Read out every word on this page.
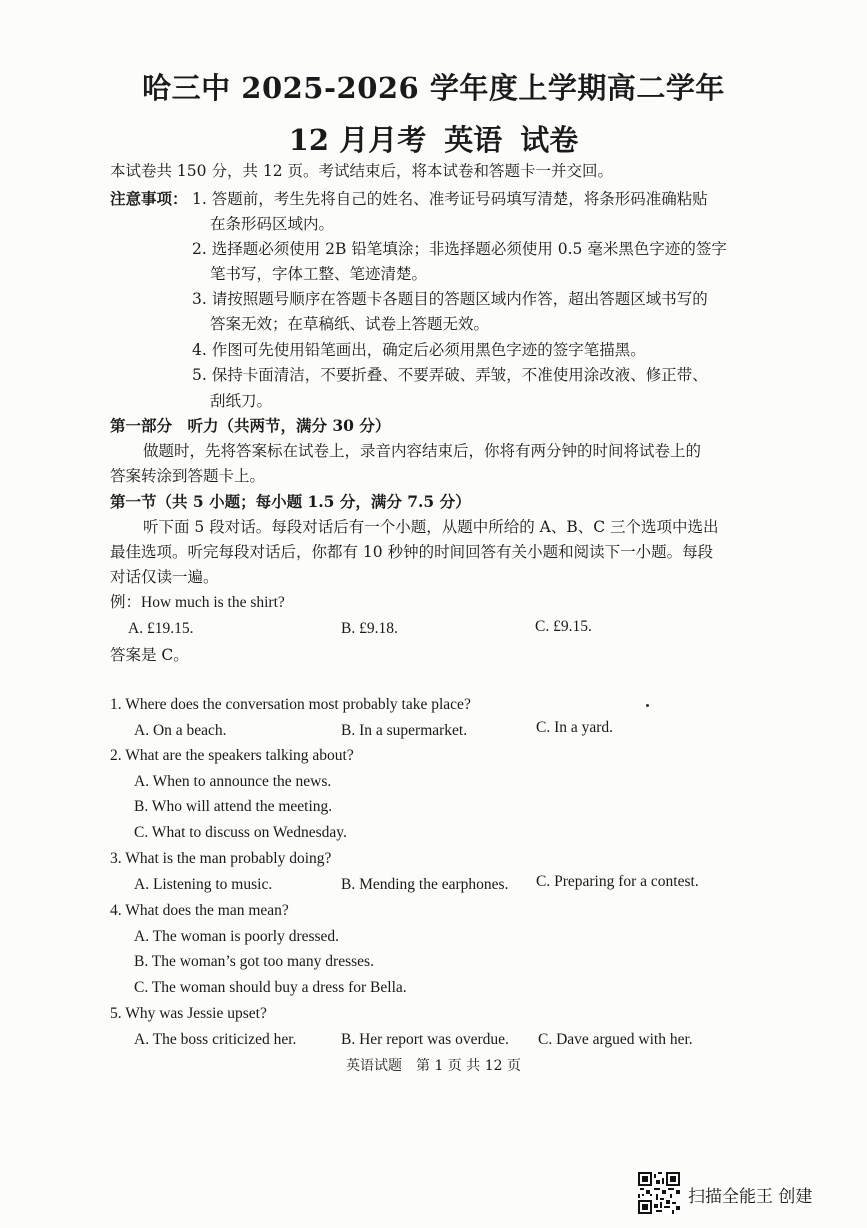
哈三中 2025-2026 学年度上学期高二学年
12 月月考 英语 试卷
本试卷共 150 分，共 12 页。考试结束后，将本试卷和答题卡一并交回。
注意事项： 1. 答题前，考生先将自己的姓名、准考证号码填写清楚，将条形码准确粘贴
在条形码区域内。
2. 选择题必须使用 2B 铅笔填涂；非选择题必须使用 0.5 毫米黑色字迹的签字
笔书写，字体工整、笔迹清楚。
3. 请按照题号顺序在答题卡各题目的答题区域内作答，超出答题区域书写的
答案无效；在草稿纸、试卷上答题无效。
4. 作图可先使用铅笔画出，确定后必须用黑色字迹的签字笔描黑。
5. 保持卡面清洁，不要折叠、不要弄破、弄皱，不准使用涂改液、修正带、
刮纸刀。
第一部分　听力（共两节，满分 30 分）
做题时，先将答案标在试卷上，录音内容结束后，你将有两分钟的时间将试卷上的
答案转涂到答题卡上。
第一节（共 5 小题；每小题 1.5 分，满分 7.5 分）
听下面 5 段对话。每段对话后有一个小题，从题中所给的 A、B、C 三个选项中选出
最佳选项。听完每段对话后，你都有 10 秒钟的时间回答有关小题和阅读下一小题。每段
对话仅读一遍。
例：How much is the shirt?
A. £19.15.	B. £9.18.	C. £9.15.
答案是 C。
1. Where does the conversation most probably take place?
A. On a beach.	B. In a supermarket.	C. In a yard.
2. What are the speakers talking about?
A. When to announce the news.
B. Who will attend the meeting.
C. What to discuss on Wednesday.
3. What is the man probably doing?
A. Listening to music.	B. Mending the earphones. C. Preparing for a contest.
4. What does the man mean?
A. The woman is poorly dressed.
B. The woman’s got too many dresses.
C. The woman should buy a dress for Bella.
5. Why was Jessie upset?
A. The boss criticized her.	B. Her report was overdue. C. Dave argued with her.
英语试题　第 1 页 共 12 页
扫描全能王 创建
